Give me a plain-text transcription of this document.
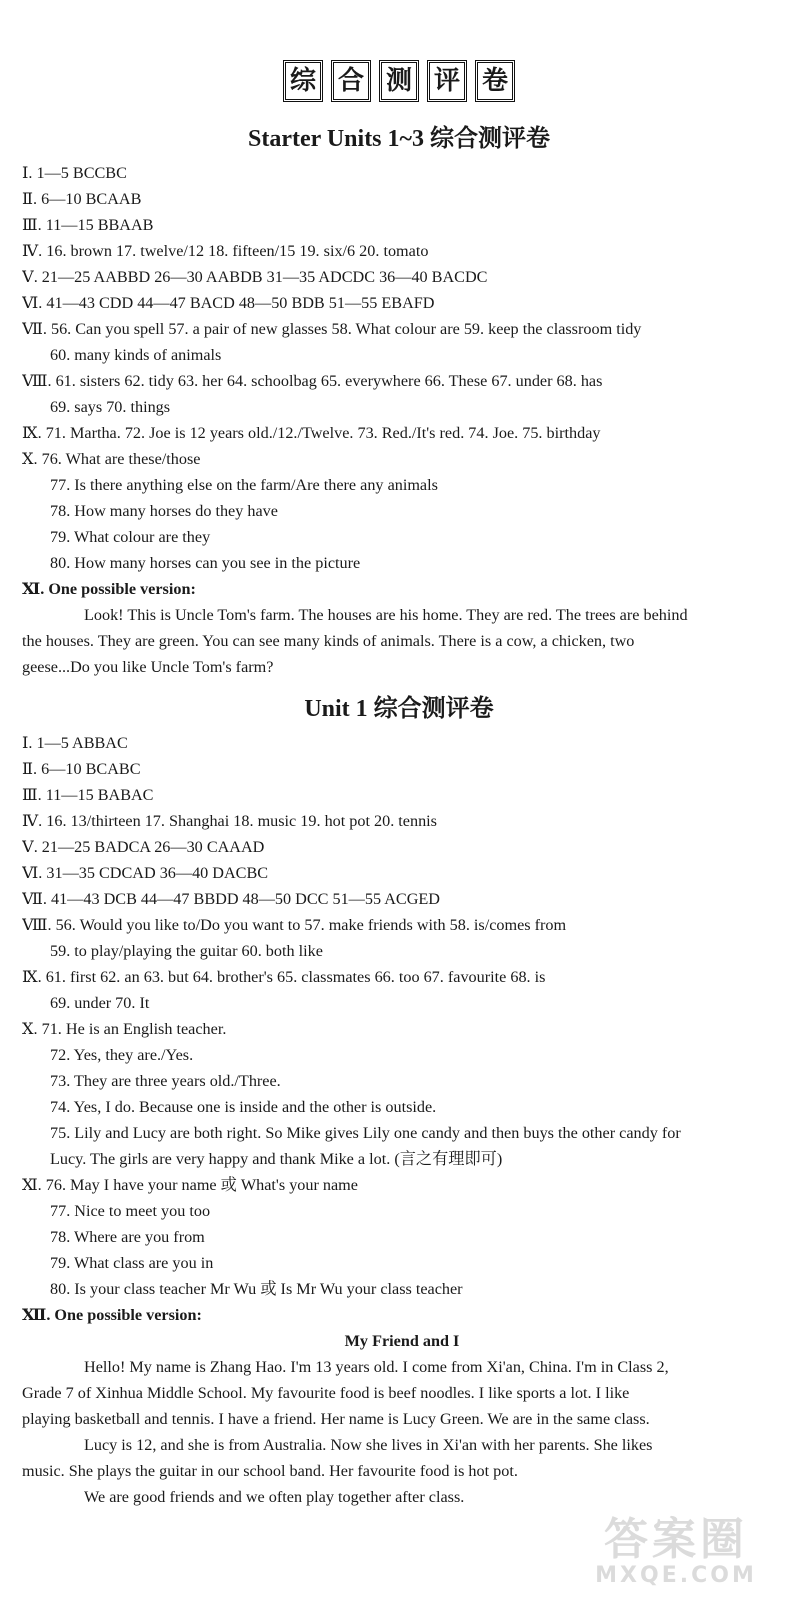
综 合 测 评 卷
Starter Units 1~3 综合测评卷
Ⅰ. 1—5 BCCBC
Ⅱ. 6—10 BCAAB
Ⅲ. 11—15 BBAAB
Ⅳ. 16. brown 17. twelve/12 18. fifteen/15 19. six/6 20. tomato
Ⅴ. 21—25 AABBD 26—30 AABDB 31—35 ADCDC 36—40 BACDC
Ⅵ. 41—43 CDD 44—47 BACD 48—50 BDB 51—55 EBAFD
Ⅶ. 56. Can you spell 57. a pair of new glasses 58. What colour are 59. keep the classroom tidy
60. many kinds of animals
Ⅷ. 61. sisters 62. tidy 63. her 64. schoolbag 65. everywhere 66. These 67. under 68. has
69. says 70. things
Ⅸ. 71. Martha. 72. Joe is 12 years old./12./Twelve. 73. Red./It's red. 74. Joe. 75. birthday
Ⅹ. 76. What are these/those
77. Is there anything else on the farm/Are there any animals
78. How many horses do they have
79. What colour are they
80. How many horses can you see in the picture
Ⅺ. One possible version:
Look! This is Uncle Tom's farm. The houses are his home. They are red. The trees are behind
the houses. They are green. You can see many kinds of animals. There is a cow, a chicken, two
geese...Do you like Uncle Tom's farm?
Unit 1 综合测评卷
Ⅰ. 1—5 ABBAC
Ⅱ. 6—10 BCABC
Ⅲ. 11—15 BABAC
Ⅳ. 16. 13/thirteen 17. Shanghai 18. music 19. hot pot 20. tennis
Ⅴ. 21—25 BADCA 26—30 CAAAD
Ⅵ. 31—35 CDCAD 36—40 DACBC
Ⅶ. 41—43 DCB 44—47 BBDD 48—50 DCC 51—55 ACGED
Ⅷ. 56. Would you like to/Do you want to 57. make friends with 58. is/comes from
59. to play/playing the guitar 60. both like
Ⅸ. 61. first 62. an 63. but 64. brother's 65. classmates 66. too 67. favourite 68. is
69. under 70. It
Ⅹ. 71. He is an English teacher.
72. Yes, they are./Yes.
73. They are three years old./Three.
74. Yes, I do. Because one is inside and the other is outside.
75. Lily and Lucy are both right. So Mike gives Lily one candy and then buys the other candy for
Lucy. The girls are very happy and thank Mike a lot. (言之有理即可)
Ⅺ. 76. May I have your name 或 What's your name
77. Nice to meet you too
78. Where are you from
79. What class are you in
80. Is your class teacher Mr Wu 或 Is Mr Wu your class teacher
Ⅻ. One possible version:
My Friend and I
Hello! My name is Zhang Hao. I'm 13 years old. I come from Xi'an, China. I'm in Class 2,
Grade 7 of Xinhua Middle School. My favourite food is beef noodles. I like sports a lot. I like
playing basketball and tennis. I have a friend. Her name is Lucy Green. We are in the same class.
Lucy is 12, and she is from Australia. Now she lives in Xi'an with her parents. She likes
music. She plays the guitar in our school band. Her favourite food is hot pot.
We are good friends and we often play together after class.
答案圈
MXQE.COM
